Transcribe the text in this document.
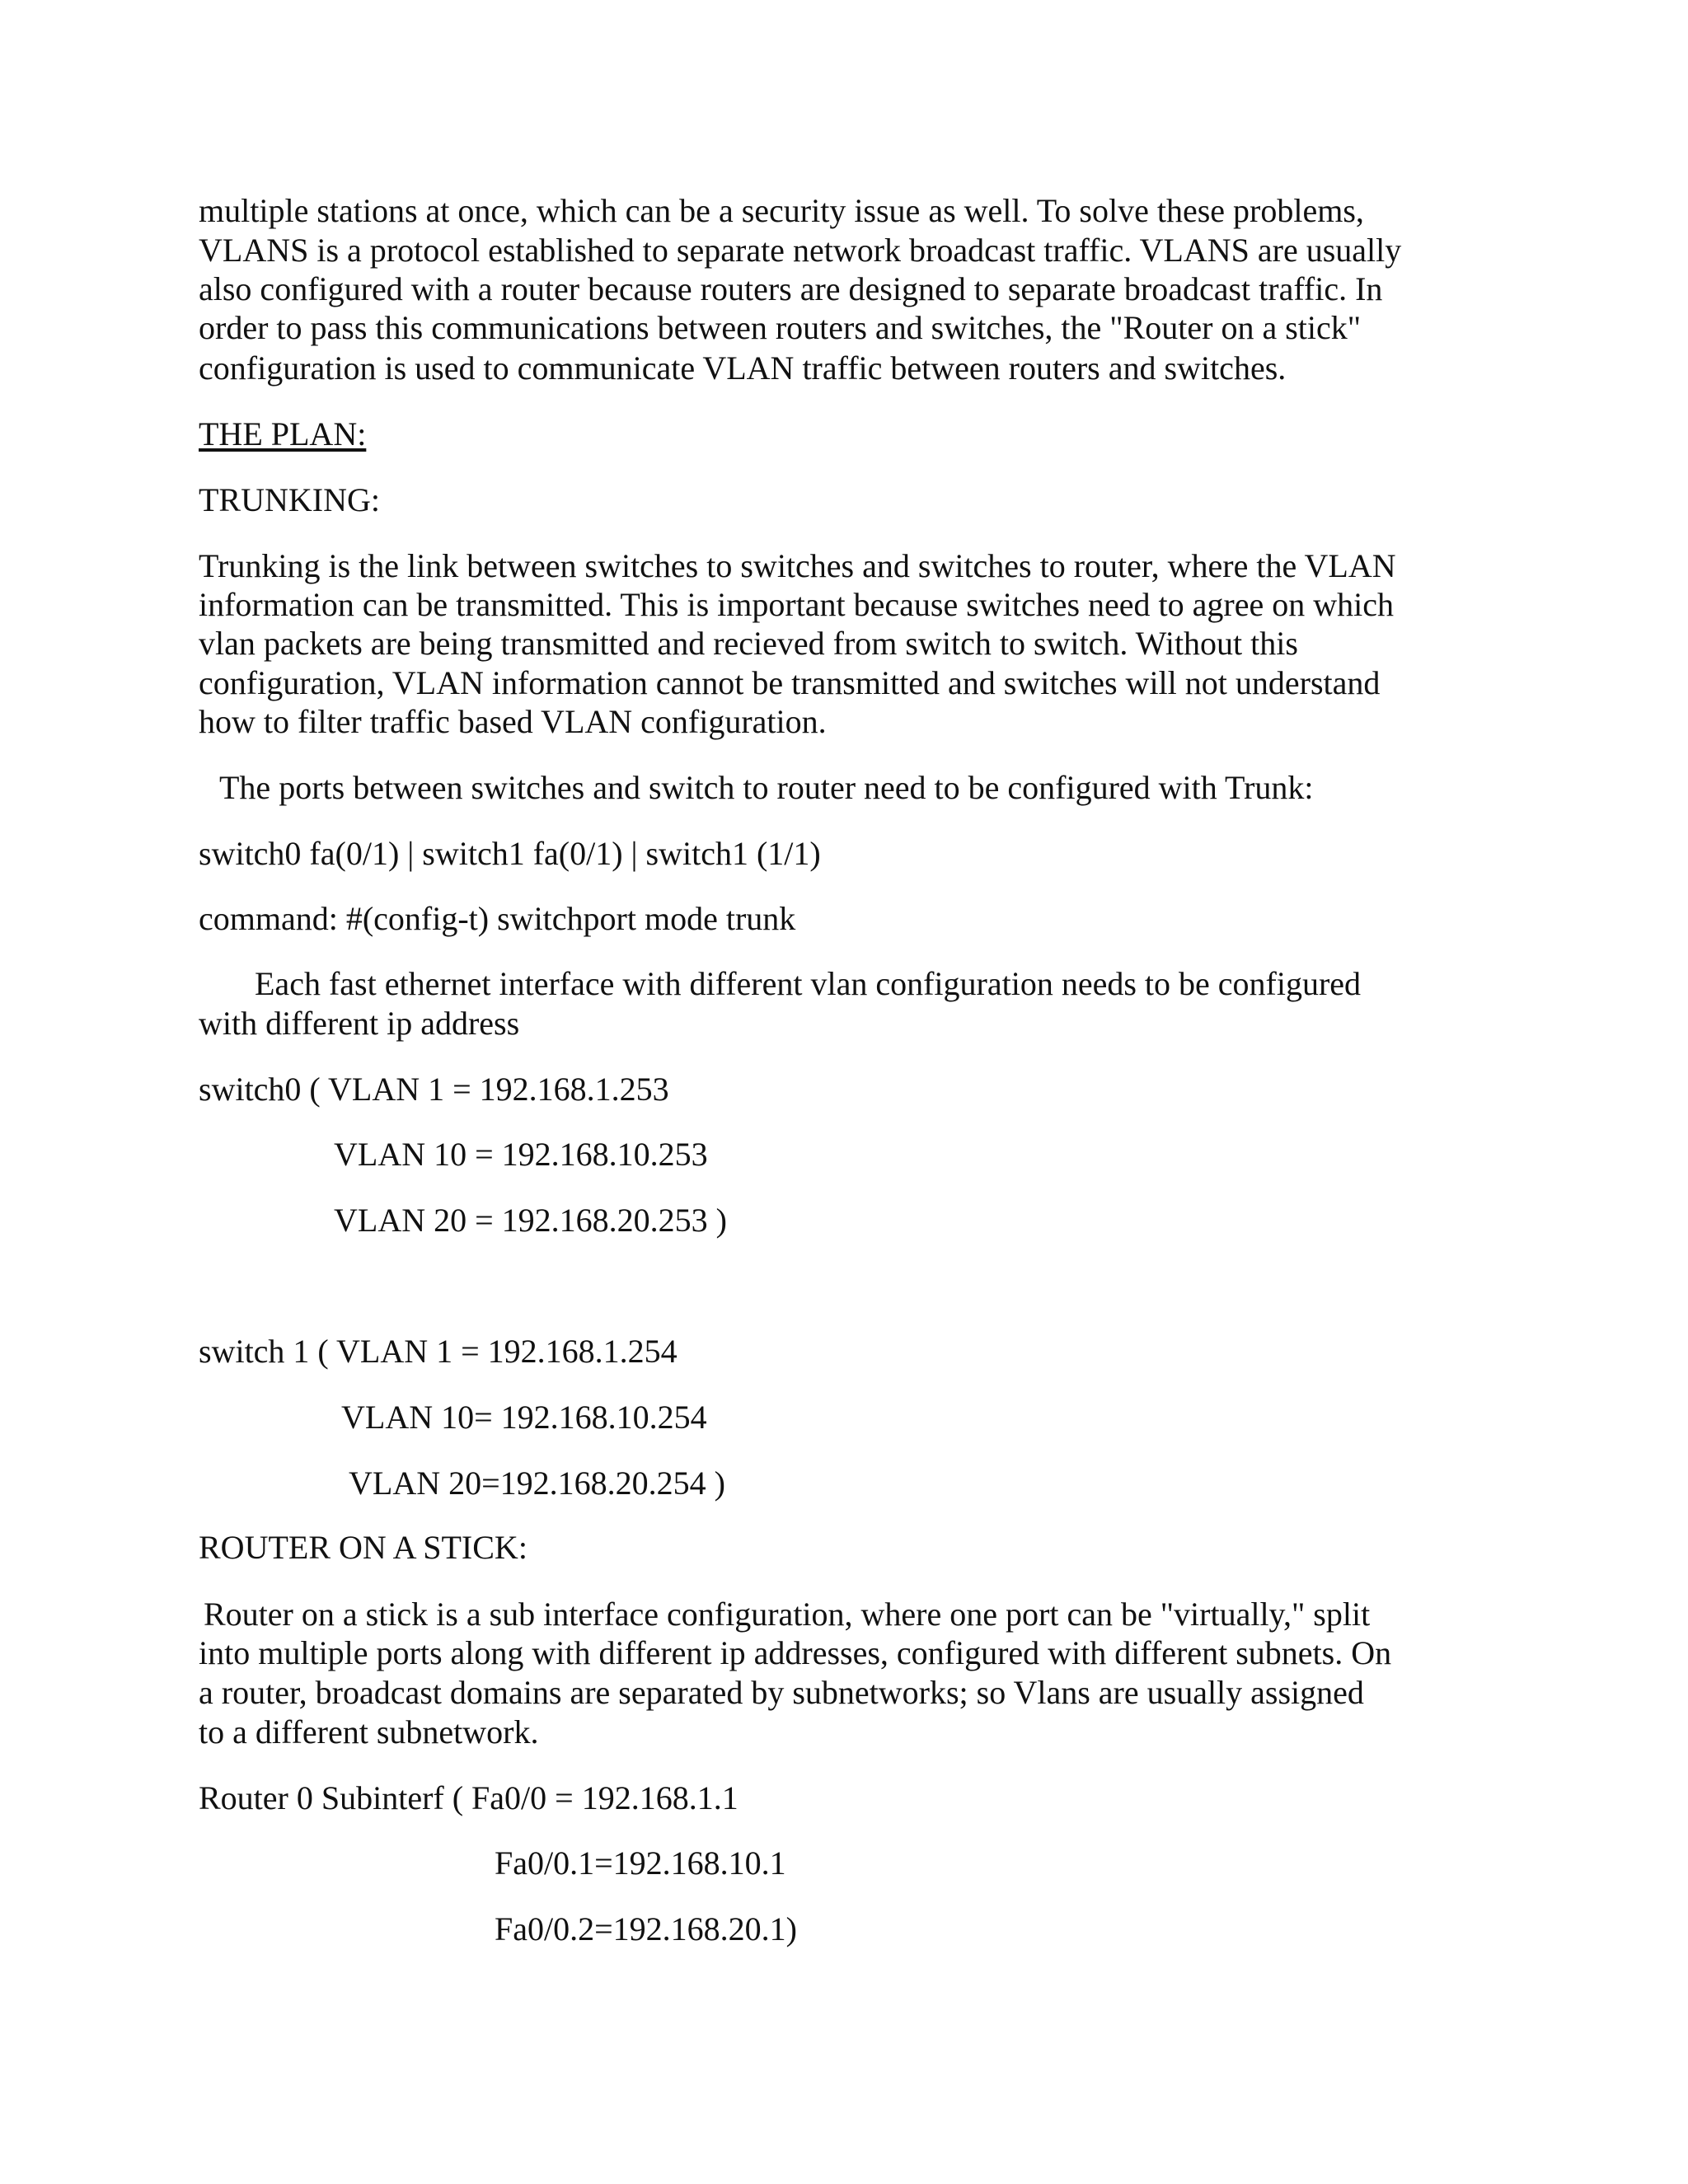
multiple stations at once, which can be a security issue as well. To solve these problems,
VLANS is a protocol established to separate network broadcast traffic. VLANS are usually
also configured with a router because routers are designed to separate broadcast traffic. In
order to pass this communications between routers and switches, the "Router on a stick"
configuration is used to communicate VLAN traffic between routers and switches.
THE PLAN:
TRUNKING:
Trunking is the link between switches to switches and switches to router, where the VLAN
information can be transmitted. This is important because switches need to agree on which
vlan packets are being transmitted and recieved from switch to switch. Without this
configuration, VLAN information cannot be transmitted and switches will not understand
how to filter traffic based VLAN configuration.
The ports between switches and switch to router need to be configured with Trunk:
switch0 fa(0/1) | switch1 fa(0/1) | switch1 (1/1)
command: #(config-t) switchport mode trunk
Each fast ethernet interface with different vlan configuration needs to be configured
with different ip address
switch0 ( VLAN 1 = 192.168.1.253
VLAN 10 = 192.168.10.253
VLAN 20 = 192.168.20.253 )
switch 1 ( VLAN 1 = 192.168.1.254
VLAN 10= 192.168.10.254
VLAN 20=192.168.20.254 )
ROUTER ON A STICK:
Router on a stick is a sub interface configuration, where one port can be "virtually," split
into multiple ports along with different ip addresses, configured with different subnets. On
a router, broadcast domains are separated by subnetworks; so Vlans are usually assigned
to a different subnetwork.
Router 0 Subinterf ( Fa0/0 = 192.168.1.1
Fa0/0.1=192.168.10.1
Fa0/0.2=192.168.20.1)
